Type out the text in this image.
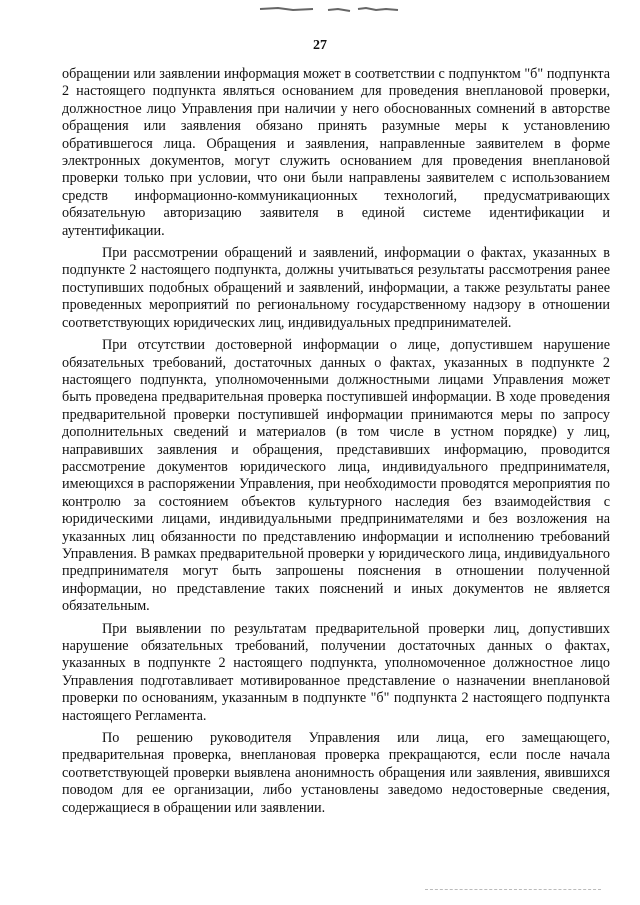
27

обращении или заявлении информация может в соответствии с подпунктом "б" подпункта 2 настоящего подпункта являться основанием для проведения внеплановой проверки, должностное лицо Управления при наличии у него обоснованных сомнений в авторстве обращения или заявления обязано принять разумные меры к установлению обратившегося лица. Обращения и заявления, направленные заявителем в форме электронных документов, могут служить основанием для проведения внеплановой проверки только при условии, что они были направлены заявителем с использованием средств информационно-коммуникационных технологий, предусматривающих обязательную авторизацию заявителя в единой системе идентификации и аутентификации.

При рассмотрении обращений и заявлений, информации о фактах, указанных в подпункте 2 настоящего подпункта, должны учитываться результаты рассмотрения ранее поступивших подобных обращений и заявлений, информации, а также результаты ранее проведенных мероприятий по региональному государственному надзору в отношении соответствующих юридических лиц, индивидуальных предпринимателей.

При отсутствии достоверной информации о лице, допустившем нарушение обязательных требований, достаточных данных о фактах, указанных в подпункте 2 настоящего подпункта, уполномоченными должностными лицами Управления может быть проведена предварительная проверка поступившей информации. В ходе проведения предварительной проверки поступившей информации принимаются меры по запросу дополнительных сведений и материалов (в том числе в устном порядке) у лиц, направивших заявления и обращения, представивших информацию, проводится рассмотрение документов юридического лица, индивидуального предпринимателя, имеющихся в распоряжении Управления, при необходимости проводятся мероприятия по контролю за состоянием объектов культурного наследия без взаимодействия с юридическими лицами, индивидуальными предпринимателями и без возложения на указанных лиц обязанности по представлению информации и исполнению требований Управления. В рамках предварительной проверки у юридического лица, индивидуального предпринимателя могут быть запрошены пояснения в отношении полученной информации, но представление таких пояснений и иных документов не является обязательным.

При выявлении по результатам предварительной проверки лиц, допустивших нарушение обязательных требований, получении достаточных данных о фактах, указанных в подпункте 2 настоящего подпункта, уполномоченное должностное лицо Управления подготавливает мотивированное представление о назначении внеплановой проверки по основаниям, указанным в подпункте "б" подпункта 2 настоящего подпункта настоящего Регламента.

По решению руководителя Управления или лица, его замещающего, предварительная проверка, внеплановая проверка прекращаются, если после начала соответствующей проверки выявлена анонимность обращения или заявления, явившихся поводом для ее организации, либо установлены заведомо недостоверные сведения, содержащиеся в обращении или заявлении.
